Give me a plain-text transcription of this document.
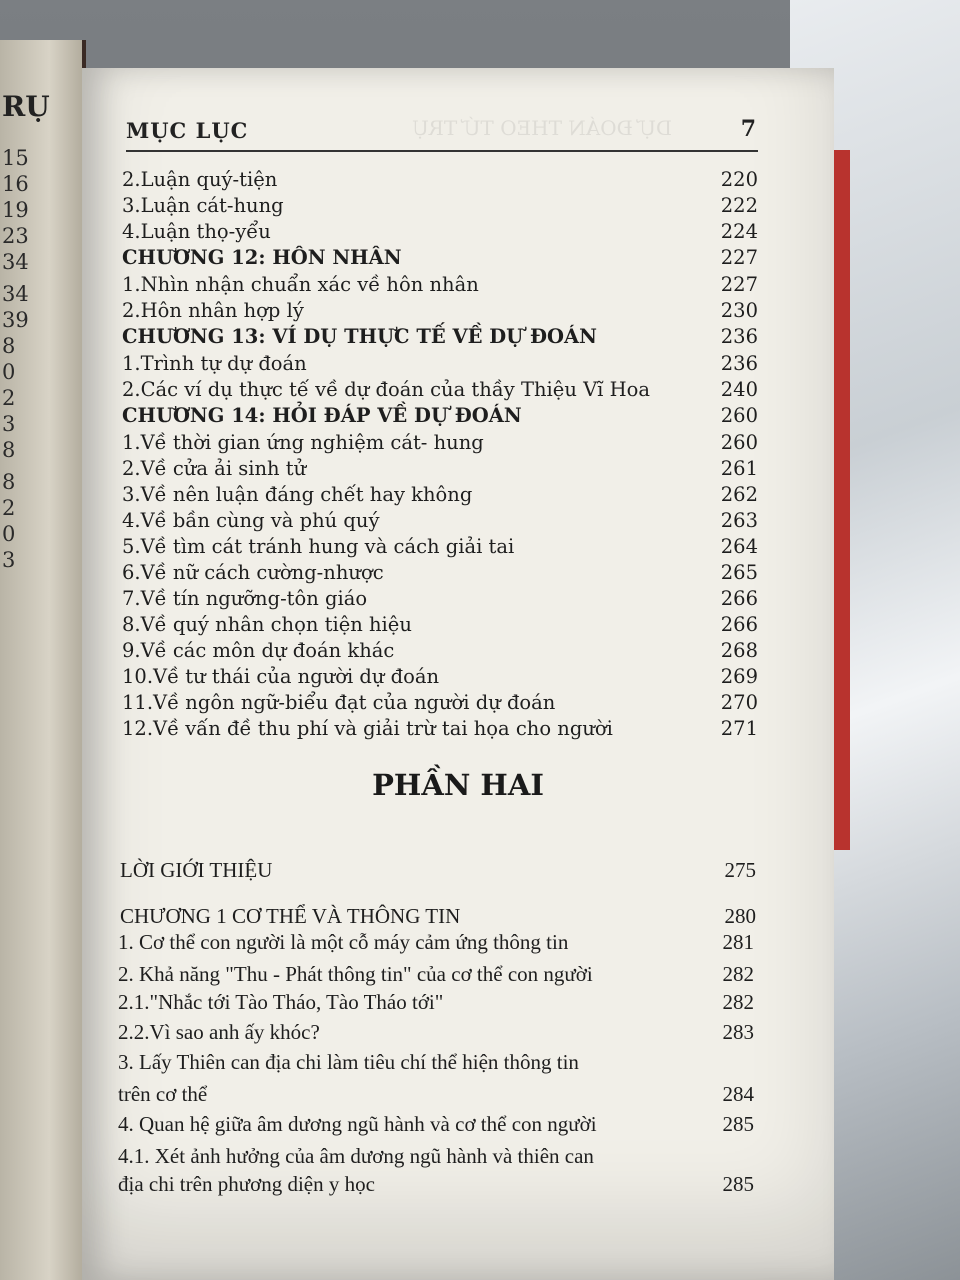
RỤ
15
16
19
23
34
34
39
8
0
2
3
8
8
2
0
3
DỰ ĐOÁN THEO TỨ TRỤ
MỤC LỤC	7
2.Luận quý-tiện	220
3.Luận cát-hung	222
4.Luận thọ-yểu	224
CHƯƠNG 12: HÔN NHÂN	227
1.Nhìn nhận chuẩn xác về hôn nhân	227
2.Hôn nhân hợp lý	230
CHƯƠNG 13: VÍ DỤ THỰC TẾ VỀ DỰ ĐOÁN	236
1.Trình tự dự đoán	236
2.Các ví dụ thực tế về dự đoán của thầy Thiệu Vĩ Hoa	240
CHƯƠNG 14: HỎI ĐÁP VỀ DỰ ĐOÁN	260
1.Về thời gian ứng nghiệm cát- hung	260
2.Về cửa ải sinh tử	261
3.Về nên luận đáng chết hay không	262
4.Về bần cùng và phú quý	263
5.Về tìm cát tránh hung và cách giải tai	264
6.Về nữ cách cường-nhược	265
7.Về tín ngưỡng-tôn giáo	266
8.Về quý nhân chọn tiện hiệu	266
9.Về các môn dự đoán khác	268
10.Về tư thái của người dự đoán	269
11.Về ngôn ngữ-biểu đạt của người dự đoán	270
12.Về vấn đề thu phí và giải trừ tai họa cho người	271
PHẦN HAI
LỜI GIỚI THIỆU	275
CHƯƠNG 1 CƠ THỂ VÀ THÔNG TIN	280
1. Cơ thể con người là một cỗ máy cảm ứng thông tin	281
2. Khả năng "Thu - Phát thông tin" của cơ thể con người	282
2.1."Nhắc tới Tào Tháo, Tào Tháo tới"	282
2.2.Vì sao anh ấy khóc?	283
3. Lấy Thiên can địa chi làm tiêu chí thể hiện thông tin
trên cơ thể	284
4. Quan hệ giữa âm dương ngũ hành và cơ thể con người	285
4.1. Xét ảnh hưởng của âm dương ngũ hành và thiên can
địa chi trên phương diện y học	285
